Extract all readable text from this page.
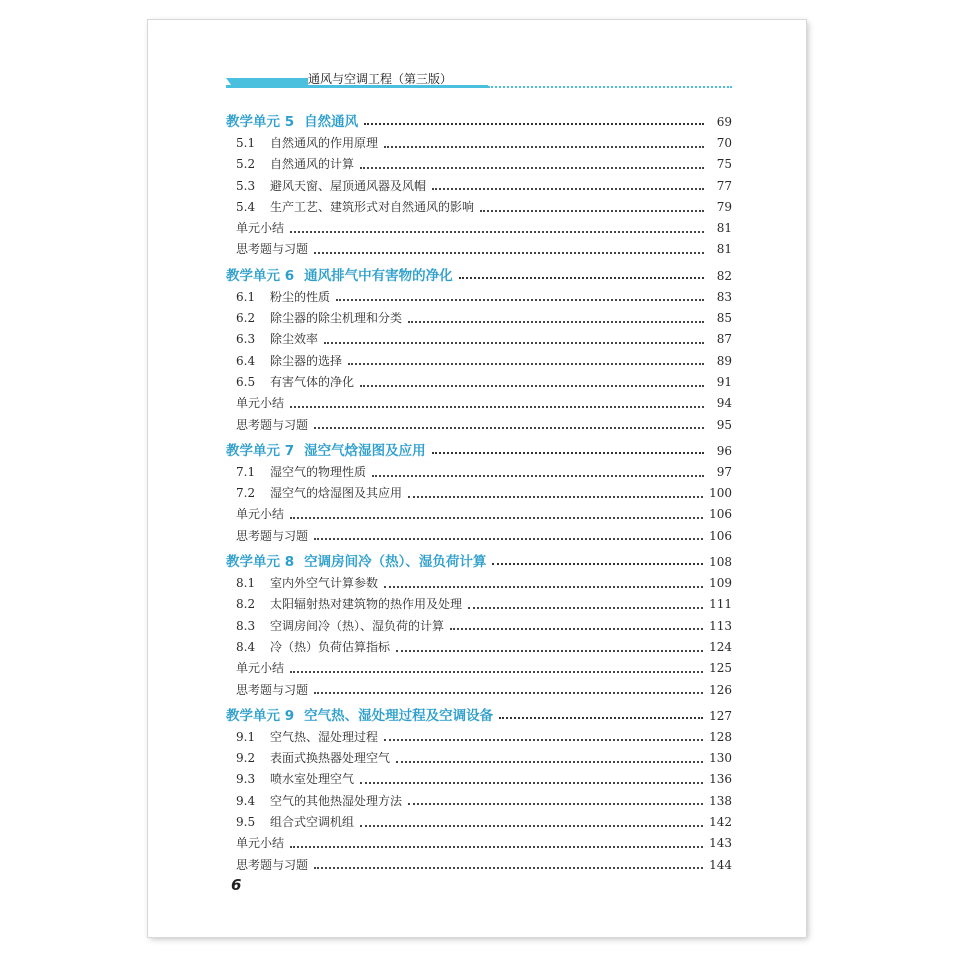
通风与空调工程（第三版）
教学单元 5 自然通风	69
5.1	自然通风的作用原理	70
5.2	自然通风的计算	75
5.3	避风天窗、屋顶通风器及风帽	77
5.4	生产工艺、建筑形式对自然通风的影响	79
单元小结	81
思考题与习题	81
教学单元 6 通风排气中有害物的净化	82
6.1	粉尘的性质	83
6.2	除尘器的除尘机理和分类	85
6.3	除尘效率	87
6.4	除尘器的选择	89
6.5	有害气体的净化	91
单元小结	94
思考题与习题	95
教学单元 7 湿空气焓湿图及应用	96
7.1	湿空气的物理性质	97
7.2	湿空气的焓湿图及其应用	100
单元小结	106
思考题与习题	106
教学单元 8 空调房间冷（热）、湿负荷计算	108
8.1	室内外空气计算参数	109
8.2	太阳辐射热对建筑物的热作用及处理	111
8.3	空调房间冷（热）、湿负荷的计算	113
8.4	冷（热）负荷估算指标	124
单元小结	125
思考题与习题	126
教学单元 9 空气热、湿处理过程及空调设备	127
9.1	空气热、湿处理过程	128
9.2	表面式换热器处理空气	130
9.3	喷水室处理空气	136
9.4	空气的其他热湿处理方法	138
9.5	组合式空调机组	142
单元小结	143
思考题与习题	144
6
